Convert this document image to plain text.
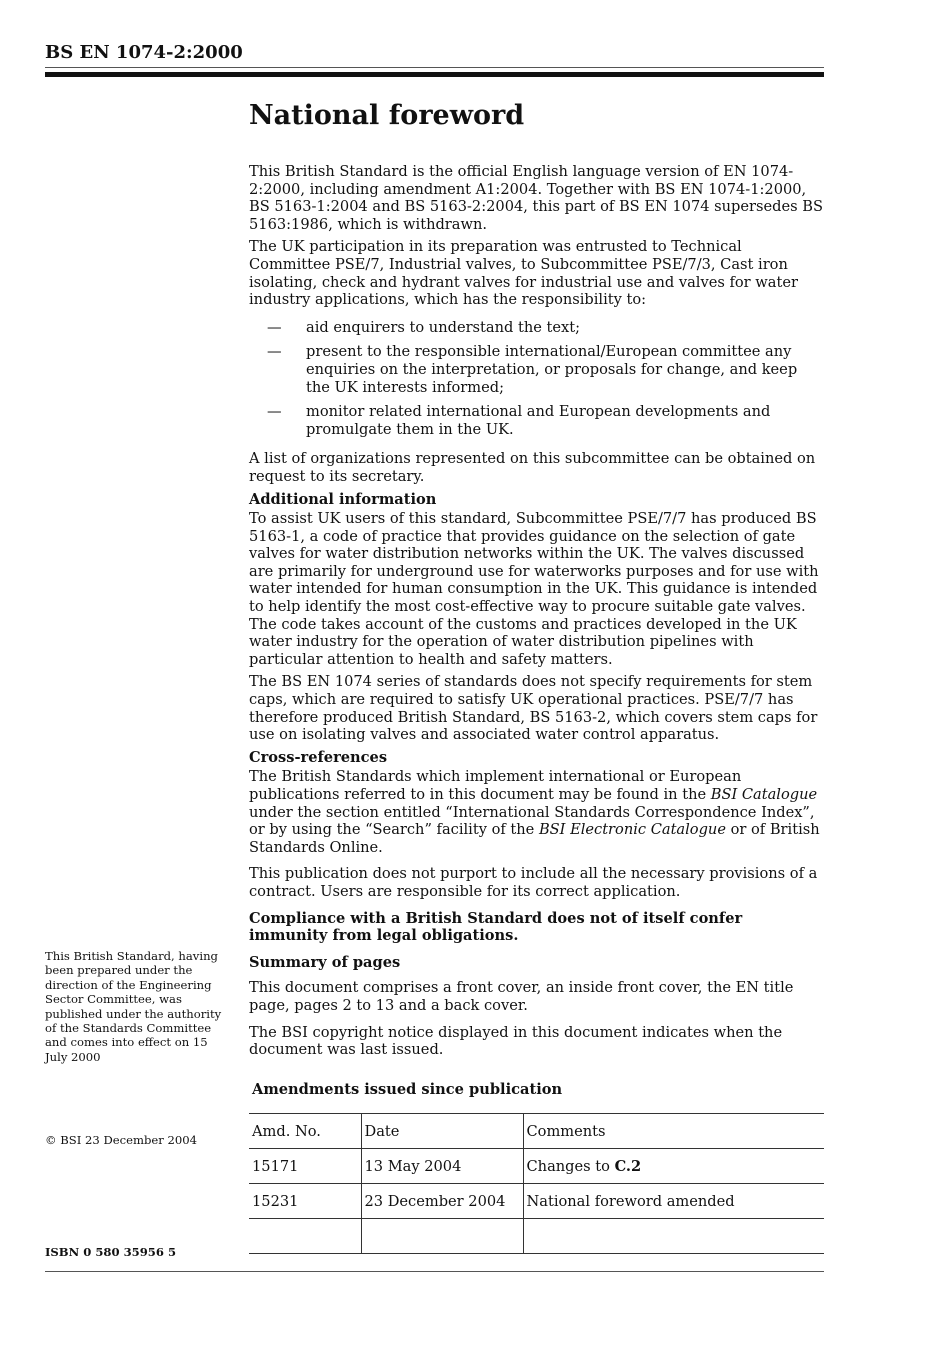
BS EN 1074-2:2000
National foreword

This British Standard is the official English language version of EN 1074-2:2000, including amendment A1:2004. Together with BS EN 1074-1:2000, BS 5163-1:2004 and BS 5163-2:2004, this part of BS EN 1074 supersedes BS 5163:1986, which is withdrawn.

The UK participation in its preparation was entrusted to Technical Committee PSE/7, Industrial valves, to Subcommittee PSE/7/3, Cast iron isolating, check and hydrant valves for industrial use and valves for water industry applications, which has the responsibility to:

— aid enquirers to understand the text;
— present to the responsible international/European committee any enquiries on the interpretation, or proposals for change, and keep the UK interests informed;
— monitor related international and European developments and promulgate them in the UK.

A list of organizations represented on this subcommittee can be obtained on request to its secretary.

Additional information

To assist UK users of this standard, Subcommittee PSE/7/7 has produced BS 5163-1, a code of practice that provides guidance on the selection of gate valves for water distribution networks within the UK. The valves discussed are primarily for underground use for waterworks purposes and for use with water intended for human consumption in the UK. This guidance is intended to help identify the most cost-effective way to procure suitable gate valves. The code takes account of the customs and practices developed in the UK water industry for the operation of water distribution pipelines with particular attention to health and safety matters.

The BS EN 1074 series of standards does not specify requirements for stem caps, which are required to satisfy UK operational practices. PSE/7/7 has therefore produced British Standard, BS 5163-2, which covers stem caps for use on isolating valves and associated water control apparatus.

Cross-references

The British Standards which implement international or European publications referred to in this document may be found in the BSI Catalogue under the section entitled “International Standards Correspondence Index”, or by using the “Search” facility of the BSI Electronic Catalogue or of British Standards Online.

This publication does not purport to include all the necessary provisions of a contract. Users are responsible for its correct application.

Compliance with a British Standard does not of itself confer immunity from legal obligations.

Summary of pages

This document comprises a front cover, an inside front cover, the EN title page, pages 2 to 13 and a back cover.

The BSI copyright notice displayed in this document indicates when the document was last issued.

This British Standard, having been prepared under the direction of the Engineering Sector Committee, was published under the authority of the Standards Committee and comes into effect on 15 July 2000
© BSI 23 December 2004
ISBN 0 580 35956 5
Amendments issued since publication
Amd. No.	Date	Comments
15171	13 May 2004	Changes to C.2
15231	23 December 2004	National foreword amended
